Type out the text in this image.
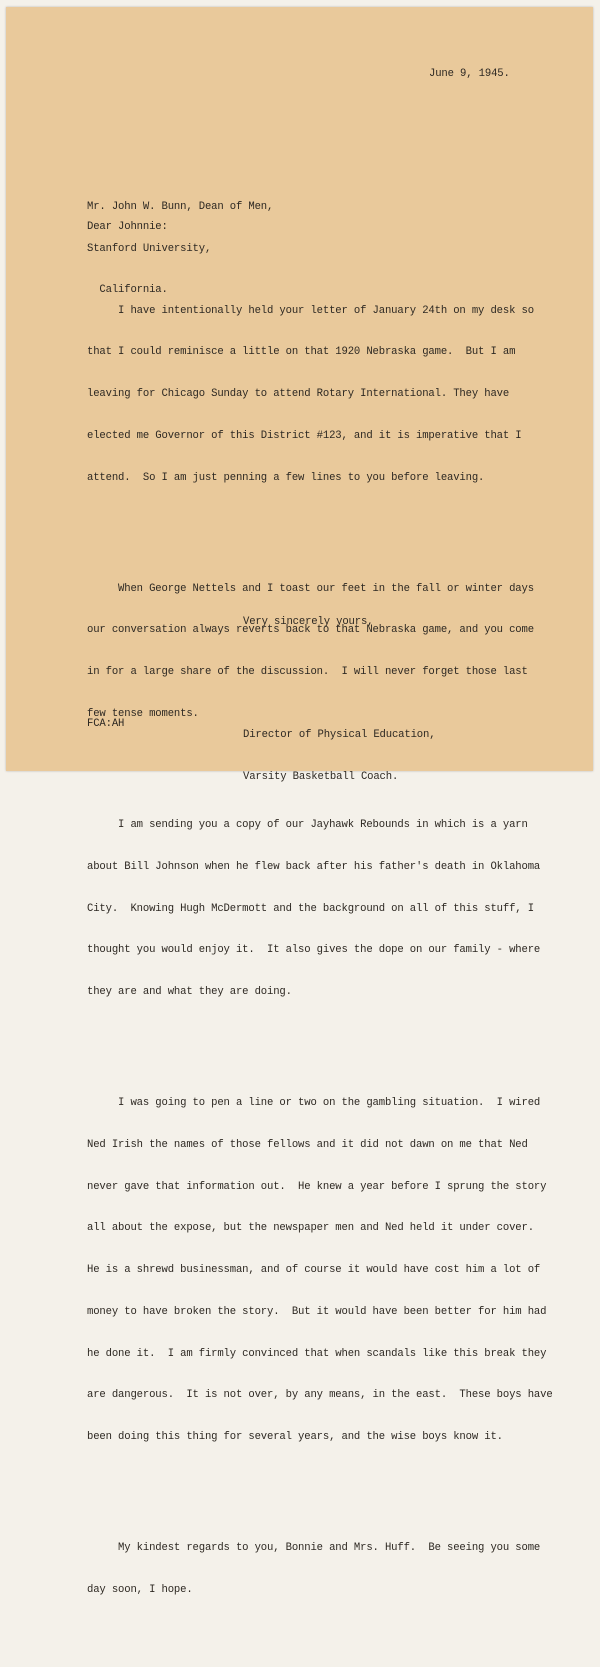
June 9, 1945.

Mr. John W. Bunn, Dean of Men,

Stanford University,

California.

Dear Johnnie:

I have intentionally held your letter of January 24th on my desk so

that I could reminisce a little on that 1920 Nebraska game.  But I am

leaving for Chicago Sunday to attend Rotary International. They have

elected me Governor of this District #123, and it is imperative that I

attend.  So I am just penning a few lines to you before leaving.

When George Nettels and I toast our feet in the fall or winter days

our conversation always reverts back to that Nebraska game, and you come

in for a large share of the discussion.  I will never forget those last

few tense moments.

I am sending you a copy of our Jayhawk Rebounds in which is a yarn

about Bill Johnson when he flew back after his father's death in Oklahoma

City.  Knowing Hugh McDermott and the background on all of this stuff, I

thought you would enjoy it.  It also gives the dope on our family - where

they are and what they are doing.

I was going to pen a line or two on the gambling situation.  I wired

Ned Irish the names of those fellows and it did not dawn on me that Ned

never gave that information out.  He knew a year before I sprung the story

all about the expose, but the newspaper men and Ned held it under cover.

He is a shrewd businessman, and of course it would have cost him a lot of

money to have broken the story.  But it would have been better for him had

he done it.  I am firmly convinced that when scandals like this break they

are dangerous.  It is not over, by any means, in the east.  These boys have

been doing this thing for several years, and the wise boys know it.

My kindest regards to you, Bonnie and Mrs. Huff.  Be seeing you some

day soon, I hope.

Very sincerely yours,

Director of Physical Education,

Varsity Basketball Coach.

FCA:AH
